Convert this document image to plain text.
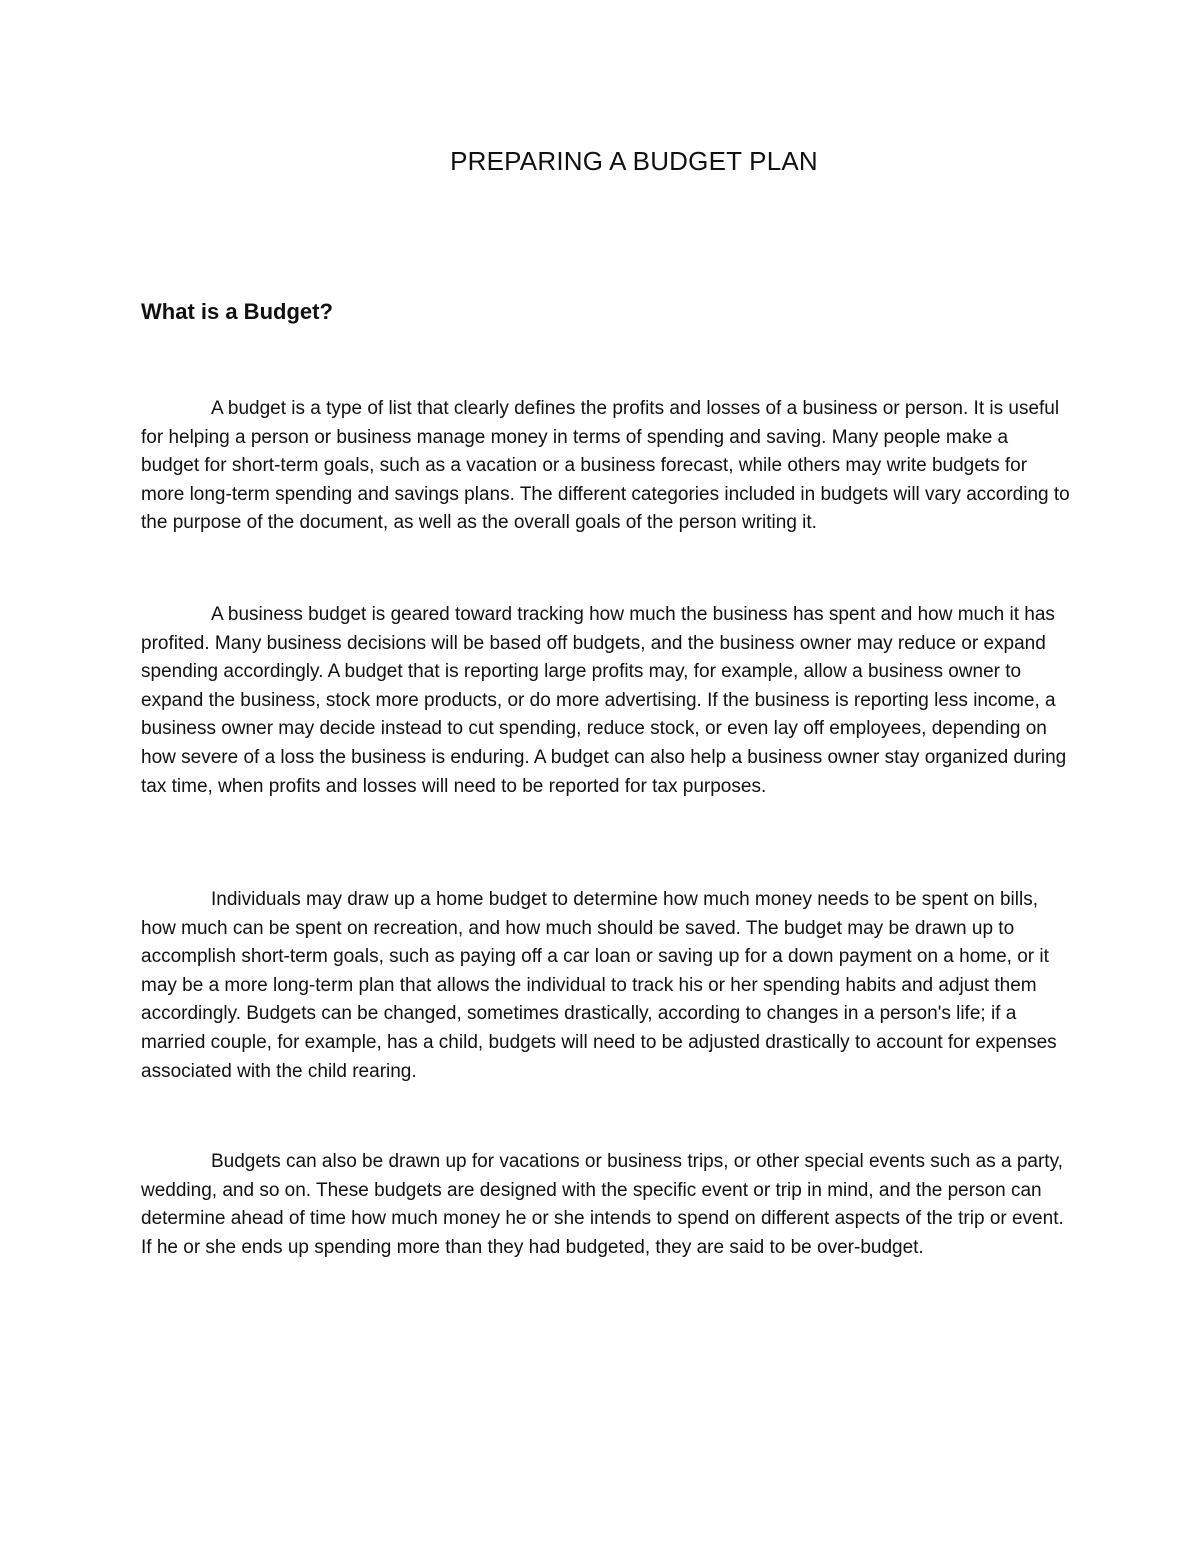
PREPARING A BUDGET PLAN
What is a Budget?

A budget is a type of list that clearly defines the profits and losses of a business or person. It is useful for helping a person or business manage money in terms of spending and saving. Many people make a budget for short-term goals, such as a vacation or a business forecast, while others may write budgets for more long-term spending and savings plans. The different categories included in budgets will vary according to the purpose of the document, as well as the overall goals of the person writing it.

A business budget is geared toward tracking how much the business has spent and how much it has profited. Many business decisions will be based off budgets, and the business owner may reduce or expand spending accordingly. A budget that is reporting large profits may, for example, allow a business owner to expand the business, stock more products, or do more advertising. If the business is reporting less income, a business owner may decide instead to cut spending, reduce stock, or even lay off employees, depending on how severe of a loss the business is enduring. A budget can also help a business owner stay organized during tax time, when profits and losses will need to be reported for tax purposes.

Individuals may draw up a home budget to determine how much money needs to be spent on bills, how much can be spent on recreation, and how much should be saved. The budget may be drawn up to accomplish short-term goals, such as paying off a car loan or saving up for a down payment on a home, or it may be a more long-term plan that allows the individual to track his or her spending habits and adjust them accordingly. Budgets can be changed, sometimes drastically, according to changes in a person's life; if a married couple, for example, has a child, budgets will need to be adjusted drastically to account for expenses associated with the child rearing.

Budgets can also be drawn up for vacations or business trips, or other special events such as a party, wedding, and so on. These budgets are designed with the specific event or trip in mind, and the person can determine ahead of time how much money he or she intends to spend on different aspects of the trip or event. If he or she ends up spending more than they had budgeted, they are said to be over-budget.
